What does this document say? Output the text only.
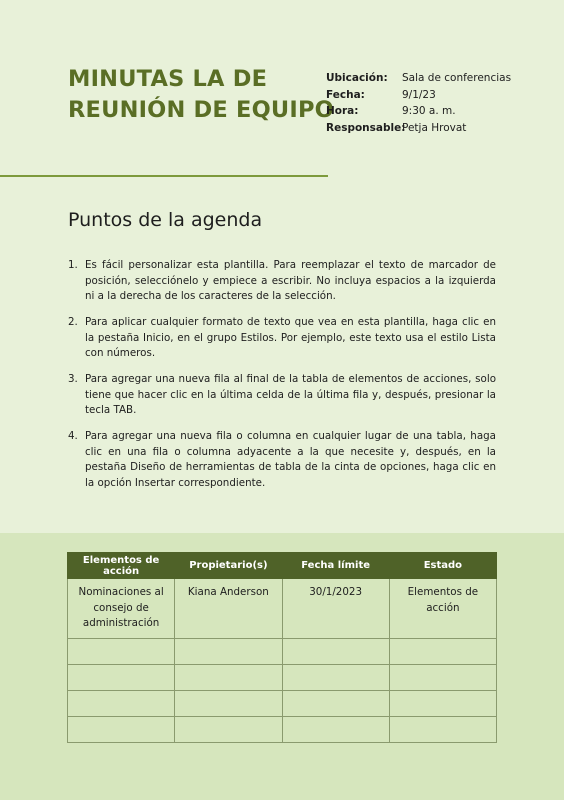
MINUTAS LA DE
REUNIÓN DE EQUIPO
Ubicación:	Sala de conferencias
Fecha:	9/1/23
Hora:	9:30 a. m.
Responsable:
Petja Hrovat
Puntos de la agenda
1. Es fácil personalizar esta plantilla. Para reemplazar el texto de marcador de posición, selecciónelo y empiece a escribir. No incluya espacios a la izquierda ni a la derecha de los caracteres de la selección.
2. Para aplicar cualquier formato de texto que vea en esta plantilla, haga clic en la pestaña Inicio, en el grupo Estilos. Por ejemplo, este texto usa el estilo Lista con números.
3. Para agregar una nueva fila al final de la tabla de elementos de acciones, solo tiene que hacer clic en la última celda de la última fila y, después, presionar la tecla TAB.
4. Para agregar una nueva fila o columna en cualquier lugar de una tabla, haga clic en una fila o columna adyacente a la que necesite y, después, en la pestaña Diseño de herramientas de tabla de la cinta de opciones, haga clic en la opción Insertar correspondiente.
Elementos de acción	Propietario(s)	Fecha límite	Estado
Nominaciones al consejo de administración	Kiana Anderson	30/1/2023	Elementos de acción
